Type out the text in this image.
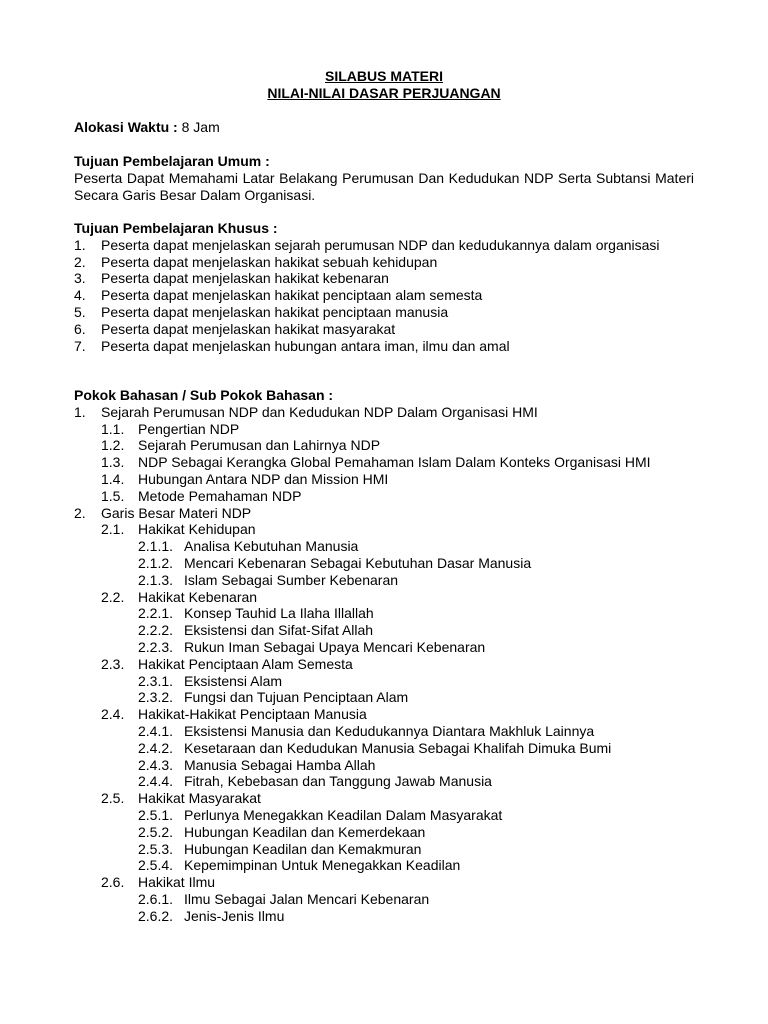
SILABUS MATERI
NILAI-NILAI DASAR PERJUANGAN
Alokasi Waktu : 8 Jam
Tujuan Pembelajaran Umum :
Peserta Dapat Memahami Latar Belakang Perumusan Dan Kedudukan NDP Serta Subtansi Materi Secara Garis Besar Dalam Organisasi.
Tujuan Pembelajaran Khusus :
1.	Peserta dapat menjelaskan sejarah perumusan NDP dan kedudukannya dalam organisasi
2.	Peserta dapat menjelaskan hakikat sebuah kehidupan
3.	Peserta dapat menjelaskan hakikat kebenaran
4.	Peserta dapat menjelaskan hakikat penciptaan alam semesta
5.	Peserta dapat menjelaskan hakikat penciptaan manusia
6.	Peserta dapat menjelaskan hakikat masyarakat
7.	Peserta dapat menjelaskan hubungan antara iman, ilmu dan amal
Pokok Bahasan / Sub Pokok Bahasan :
1.	Sejarah Perumusan NDP dan Kedudukan NDP Dalam Organisasi HMI
1.1. Pengertian NDP
1.2. Sejarah Perumusan dan Lahirnya NDP
1.3. NDP Sebagai Kerangka Global Pemahaman Islam Dalam Konteks Organisasi HMI
1.4. Hubungan Antara NDP dan Mission HMI
1.5. Metode Pemahaman NDP
2.	Garis Besar Materi NDP
2.1. Hakikat Kehidupan
2.1.1. Analisa Kebutuhan Manusia
2.1.2. Mencari Kebenaran Sebagai Kebutuhan Dasar Manusia
2.1.3. Islam Sebagai Sumber Kebenaran
2.2. Hakikat Kebenaran
2.2.1. Konsep Tauhid La Ilaha Illallah
2.2.2. Eksistensi dan Sifat-Sifat Allah
2.2.3. Rukun Iman Sebagai Upaya Mencari Kebenaran
2.3. Hakikat Penciptaan Alam Semesta
2.3.1. Eksistensi Alam
2.3.2. Fungsi dan Tujuan Penciptaan Alam
2.4. Hakikat-Hakikat Penciptaan Manusia
2.4.1. Eksistensi Manusia dan Kedudukannya Diantara Makhluk Lainnya
2.4.2. Kesetaraan dan Kedudukan Manusia Sebagai Khalifah Dimuka Bumi
2.4.3. Manusia Sebagai Hamba Allah
2.4.4. Fitrah, Kebebasan dan Tanggung Jawab Manusia
2.5. Hakikat Masyarakat
2.5.1. Perlunya Menegakkan Keadilan Dalam Masyarakat
2.5.2. Hubungan Keadilan dan Kemerdekaan
2.5.3. Hubungan Keadilan dan Kemakmuran
2.5.4. Kepemimpinan Untuk Menegakkan Keadilan
2.6. Hakikat Ilmu
2.6.1. Ilmu Sebagai Jalan Mencari Kebenaran
2.6.2. Jenis-Jenis Ilmu
